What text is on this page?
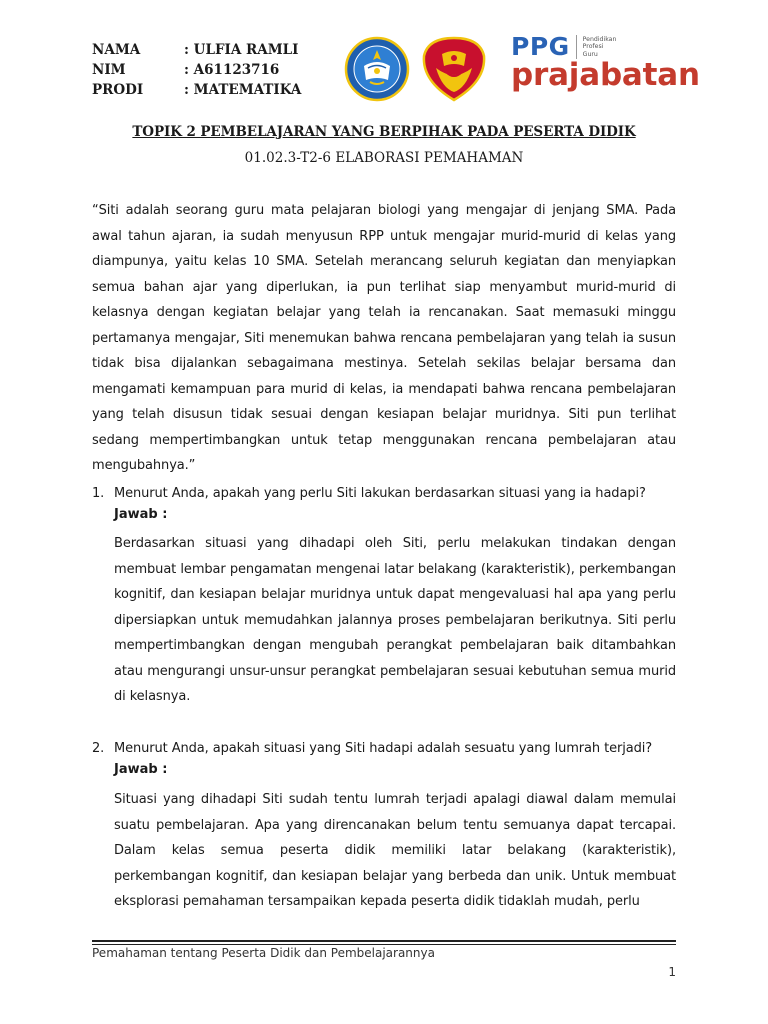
NAMA	: ULFIA RAMLI
NIM	: A61123716
PRODI	: MATEMATIKA
PPG Pendidikan
Profesi
Guru
prajabatan
TOPIK 2 PEMBELAJARAN YANG BERPIHAK PADA PESERTA DIDIK
01.02.3-T2-6 ELABORASI PEMAHAMAN
“Siti adalah seorang guru mata pelajaran biologi yang mengajar di jenjang SMA. Pada awal tahun ajaran, ia sudah menyusun RPP untuk mengajar murid-murid di kelas yang diampunya, yaitu kelas 10 SMA. Setelah merancang seluruh kegiatan dan menyiapkan semua bahan ajar yang diperlukan, ia pun terlihat siap menyambut murid-murid di kelasnya dengan kegiatan belajar yang telah ia rencanakan. Saat memasuki minggu pertamanya mengajar, Siti menemukan bahwa rencana pembelajaran yang telah ia susun tidak bisa dijalankan sebagaimana mestinya. Setelah sekilas belajar bersama dan mengamati kemampuan para murid di kelas, ia mendapati bahwa rencana pembelajaran yang telah disusun tidak sesuai dengan kesiapan belajar muridnya. Siti pun terlihat sedang mempertimbangkan untuk tetap menggunakan rencana pembelajaran atau mengubahnya.”
1. Menurut Anda, apakah yang perlu Siti lakukan berdasarkan situasi yang ia hadapi?
Jawab :
Berdasarkan situasi yang dihadapi oleh Siti, perlu melakukan tindakan dengan membuat lembar pengamatan mengenai latar belakang (karakteristik), perkembangan kognitif, dan kesiapan belajar muridnya untuk dapat mengevaluasi hal apa yang perlu dipersiapkan untuk memudahkan jalannya proses pembelajaran berikutnya. Siti perlu mempertimbangkan dengan mengubah perangkat pembelajaran baik ditambahkan atau mengurangi unsur-unsur perangkat pembelajaran sesuai kebutuhan semua murid di kelasnya.
2. Menurut Anda, apakah situasi yang Siti hadapi adalah sesuatu yang lumrah terjadi?
Jawab :
Situasi yang dihadapi Siti sudah tentu lumrah terjadi apalagi diawal dalam memulai suatu pembelajaran. Apa yang direncanakan belum tentu semuanya dapat tercapai. Dalam kelas semua peserta didik memiliki latar belakang (karakteristik), perkembangan kognitif, dan kesiapan belajar yang berbeda dan unik. Untuk membuat eksplorasi pemahaman tersampaikan kepada peserta didik tidaklah mudah, perlu
Pemahaman tentang Peserta Didik dan Pembelajarannya
1
